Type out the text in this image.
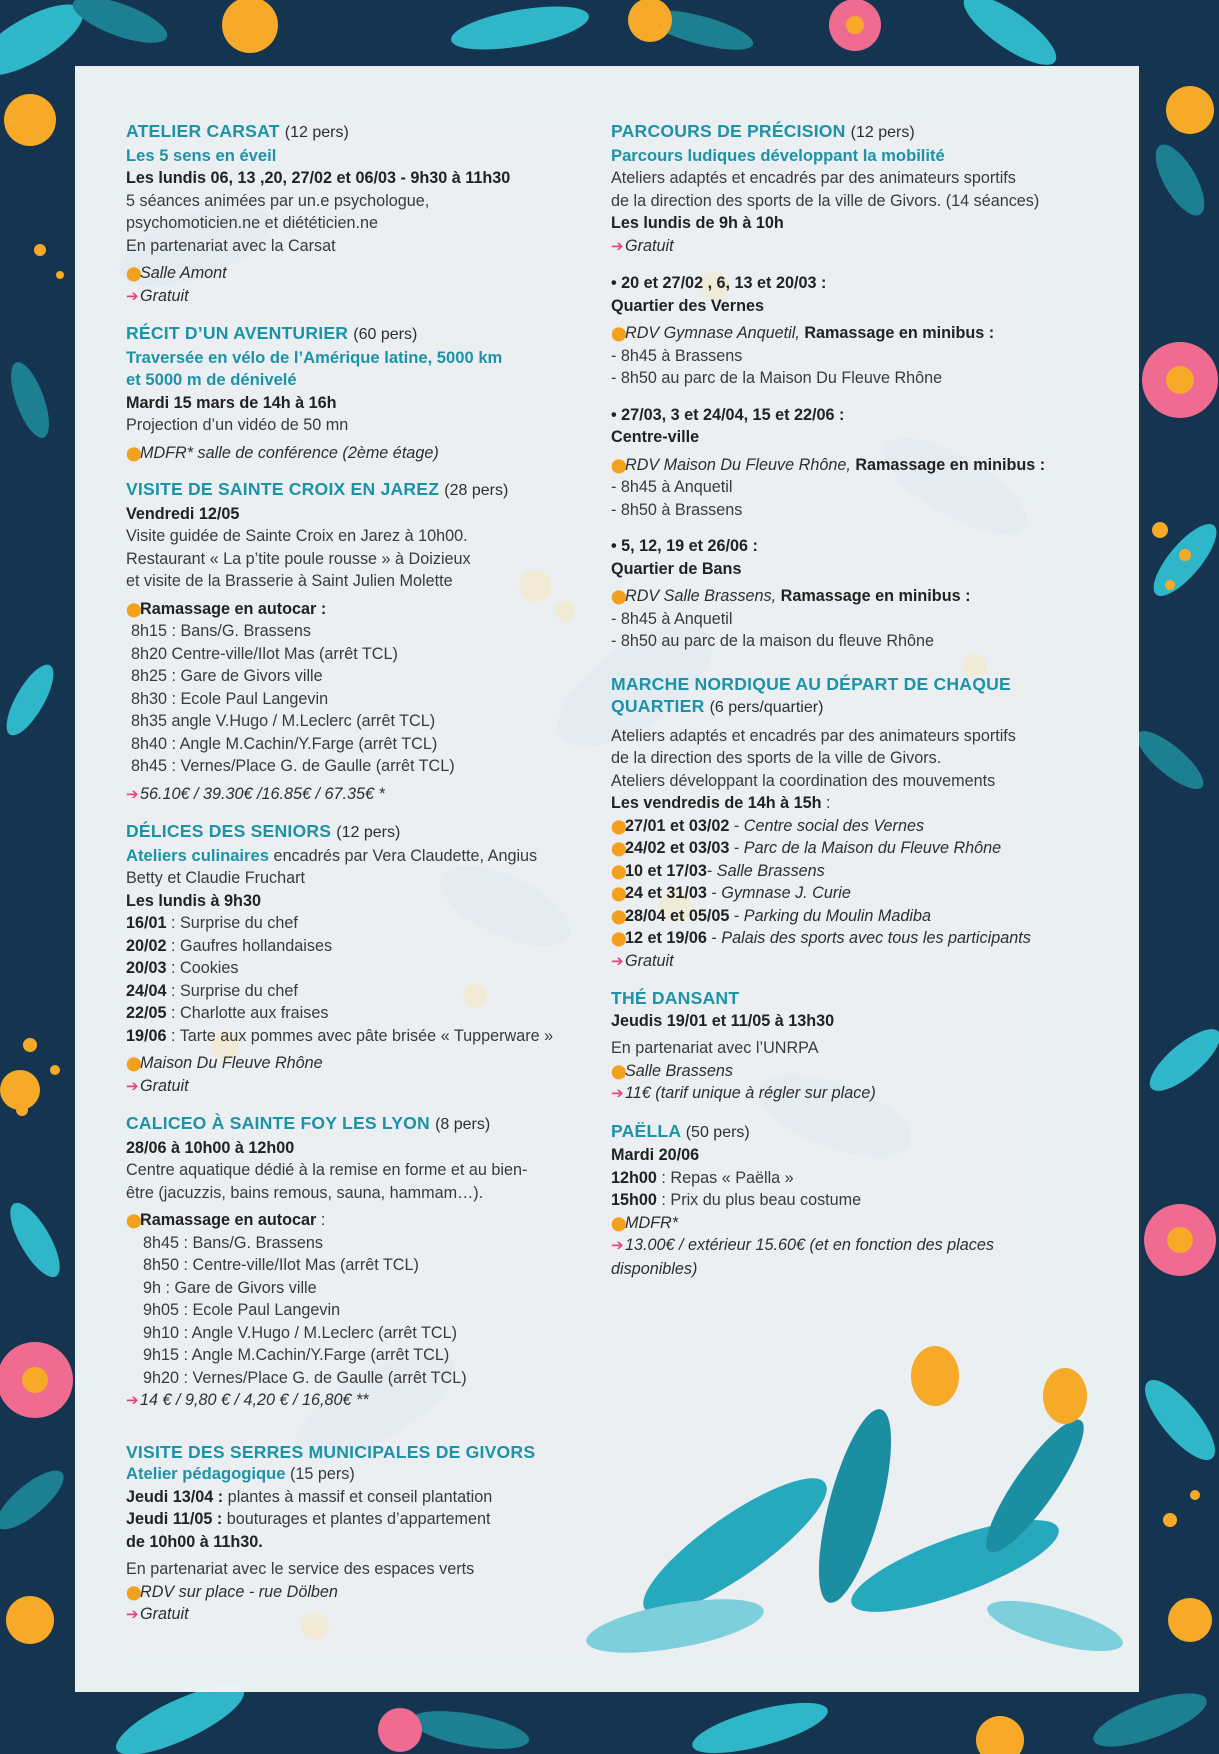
ATELIER CARSAT (12 pers)
Les 5 sens en éveil
Les lundis 06, 13 ,20, 27/02 et 06/03 - 9h30 à 11h30
5 séances animées par un.e psychologue,
psychomoticien.ne et diététicien.ne
En partenariat avec la Carsat
⬤Salle Amont
➔Gratuit
RÉCIT D’UN AVENTURIER (60 pers)
Traversée en vélo de l’Amérique latine, 5000 km
et 5000 m de dénivelé
Mardi 15 mars de 14h à 16h
Projection d’un vidéo de 50 mn
⬤MDFR* salle de conférence (2ème étage)
VISITE DE SAINTE CROIX EN JAREZ (28 pers)
Vendredi 12/05
Visite guidée de Sainte Croix en Jarez à 10h00.
Restaurant « La p’tite poule rousse » à Doizieux
et visite de la Brasserie à Saint Julien Molette
⬤Ramassage en autocar :
8h15 : Bans/G. Brassens
8h20 Centre-ville/Ilot Mas (arrêt TCL)
8h25 : Gare de Givors ville
8h30 : Ecole Paul Langevin
8h35 angle V.Hugo / M.Leclerc (arrêt TCL)
8h40 : Angle M.Cachin/Y.Farge (arrêt TCL)
8h45 : Vernes/Place G. de Gaulle (arrêt TCL)
➔56.10€ / 39.30€ /16.85€ / 67.35€ *
DÉLICES DES SENIORS (12 pers)
Ateliers culinaires encadrés par Vera Claudette, Angius
Betty et Claudie Fruchart
Les lundis à 9h30
16/01 : Surprise du chef
20/02 : Gaufres hollandaises
20/03 : Cookies
24/04 : Surprise du chef
22/05 : Charlotte aux fraises
19/06 : Tarte aux pommes avec pâte brisée « Tupperware »
⬤Maison Du Fleuve Rhône
➔Gratuit
CALICEO À SAINTE FOY LES LYON (8 pers)
28/06 à 10h00 à 12h00
Centre aquatique dédié à la remise en forme et au bien-
être (jacuzzis, bains remous, sauna, hammam…).
⬤Ramassage en autocar :
8h45 : Bans/G. Brassens
8h50 : Centre-ville/Ilot Mas (arrêt TCL)
9h : Gare de Givors ville
9h05 : Ecole Paul Langevin
9h10 : Angle V.Hugo / M.Leclerc (arrêt TCL)
9h15 : Angle M.Cachin/Y.Farge (arrêt TCL)
9h20 : Vernes/Place G. de Gaulle (arrêt TCL)
➔14 € / 9,80 € / 4,20 € / 16,80€ **
VISITE DES SERRES MUNICIPALES DE GIVORS
Atelier pédagogique (15 pers)
Jeudi 13/04 : plantes à massif et conseil plantation
Jeudi 11/05 : bouturages et plantes d’appartement
de 10h00 à 11h30.
En partenariat avec le service des espaces verts
⬤RDV sur place - rue Dölben
➔Gratuit
PARCOURS DE PRÉCISION (12 pers)
Parcours ludiques développant la mobilité
Ateliers adaptés et encadrés par des animateurs sportifs
de la direction des sports de la ville de Givors. (14 séances)
Les lundis de 9h à 10h
➔Gratuit
• 20 et 27/02 , 6, 13 et 20/03 :
Quartier des Vernes
⬤RDV Gymnase Anquetil, Ramassage en minibus :
- 8h45 à Brassens
- 8h50 au parc de la Maison Du Fleuve Rhône
• 27/03, 3 et 24/04, 15 et 22/06 :
Centre-ville
⬤RDV Maison Du Fleuve Rhône, Ramassage en minibus :
- 8h45 à Anquetil
- 8h50 à Brassens
• 5, 12, 19 et 26/06 :
Quartier de Bans
⬤RDV Salle Brassens, Ramassage en minibus :
- 8h45 à Anquetil
- 8h50 au parc de la maison du fleuve Rhône
MARCHE NORDIQUE AU DÉPART DE CHAQUE
QUARTIER (6 pers/quartier)
Ateliers adaptés et encadrés par des animateurs sportifs
de la direction des sports de la ville de Givors.
Ateliers développant la coordination des mouvements
Les vendredis de 14h à 15h :
⬤27/01 et 03/02 - Centre social des Vernes
⬤24/02 et 03/03 - Parc de la Maison du Fleuve Rhône
⬤10 et 17/03- Salle Brassens
⬤24 et 31/03 - Gymnase J. Curie
⬤28/04 et 05/05 - Parking du Moulin Madiba
⬤12 et 19/06 - Palais des sports avec tous les participants
➔Gratuit
THÉ DANSANT
Jeudis 19/01 et 11/05 à 13h30
En partenariat avec l’UNRPA
⬤Salle Brassens
➔11€ (tarif unique à régler sur place)
PAËLLA (50 pers)
Mardi 20/06
12h00 : Repas « Paëlla »
15h00 : Prix du plus beau costume
⬤MDFR*
➔13.00€ / extérieur 15.60€ (et en fonction des places
disponibles)
